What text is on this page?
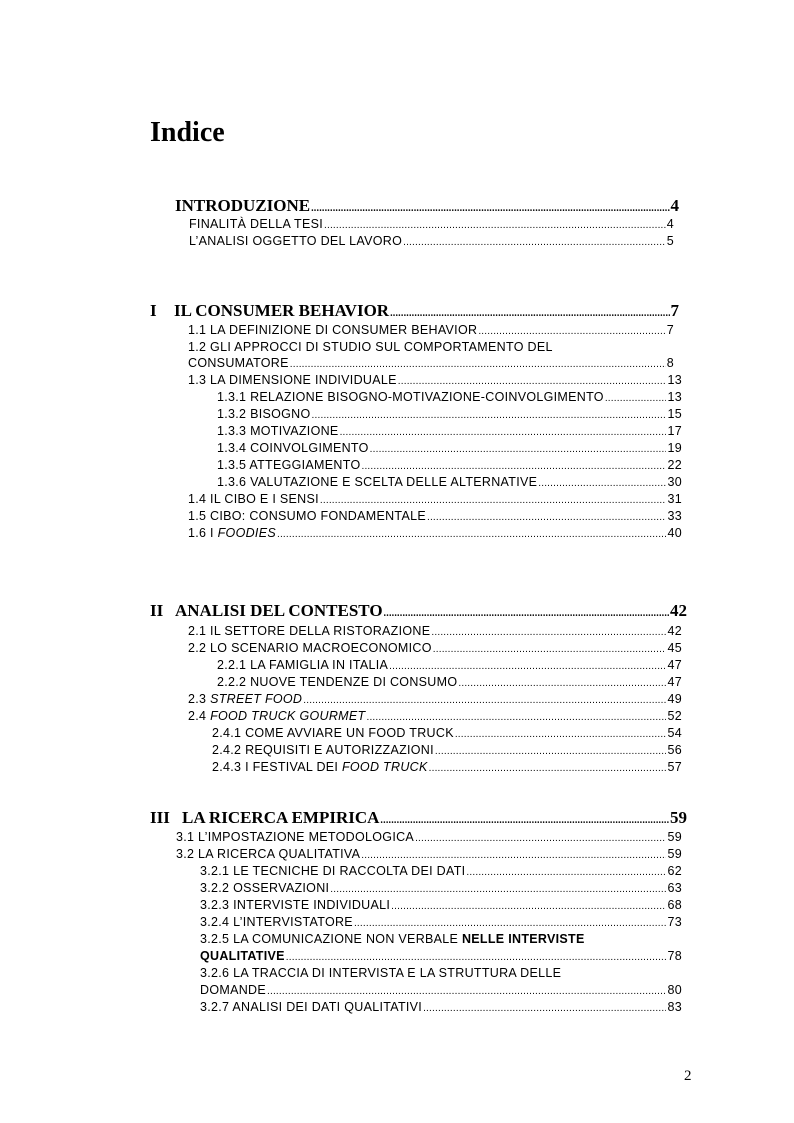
Indice
INTRODUZIONE .....	4
FINALITÀ DELLA TESI .....	4
L’ANALISI OGGETTO DEL LAVORO .....	5
I IL CONSUMER BEHAVIOR .....	7
1.1 LA DEFINIZIONE DI CONSUMER BEHAVIOR .....	7
1.2 GLI APPROCCI DI STUDIO SUL COMPORTAMENTO DEL
CONSUMATORE .....	8
1.3 LA DIMENSIONE INDIVIDUALE .....	13
1.3.1 RELAZIONE BISOGNO-MOTIVAZIONE-COINVOLGIMENTO .....	13
1.3.2 BISOGNO .....	15
1.3.3 MOTIVAZIONE .....	17
1.3.4 COINVOLGIMENTO .....	19
1.3.5 ATTEGGIAMENTO .....	22
1.3.6 VALUTAZIONE E SCELTA DELLE ALTERNATIVE .....	30
1.4 IL CIBO E I SENSI .....	31
1.5 CIBO: CONSUMO FONDAMENTALE .....	33
1.6 I FOODIES .....	40
II ANALISI DEL CONTESTO .....	42
2.1 IL SETTORE DELLA RISTORAZIONE .....	42
2.2 LO SCENARIO MACROECONOMICO .....	45
2.2.1 LA FAMIGLIA IN ITALIA .....	47
2.2.2 NUOVE TENDENZE DI CONSUMO .....	47
2.3 STREET FOOD .....	49
2.4 FOOD TRUCK GOURMET .....	52
2.4.1 COME AVVIARE UN FOOD TRUCK .....	54
2.4.2 REQUISITI E AUTORIZZAZIONI .....	56
2.4.3 I FESTIVAL DEI FOOD TRUCK .....	57
III LA RICERCA EMPIRICA .....	59
3.1 L’IMPOSTAZIONE METODOLOGICA .....	59
3.2 LA RICERCA QUALITATIVA .....	59
3.2.1 LE TECNICHE DI RACCOLTA DEI DATI .....	62
3.2.2 OSSERVAZIONI .....	63
3.2.3 INTERVISTE INDIVIDUALI .....	68
3.2.4 L’INTERVISTATORE .....	73
3.2.5 LA COMUNICAZIONE NON VERBALE NELLE INTERVISTE
QUALITATIVE .....	78
3.2.6 LA TRACCIA DI INTERVISTA E LA STRUTTURA DELLE
DOMANDE .....	80
3.2.7 ANALISI DEI DATI QUALITATIVI .....	83
2
